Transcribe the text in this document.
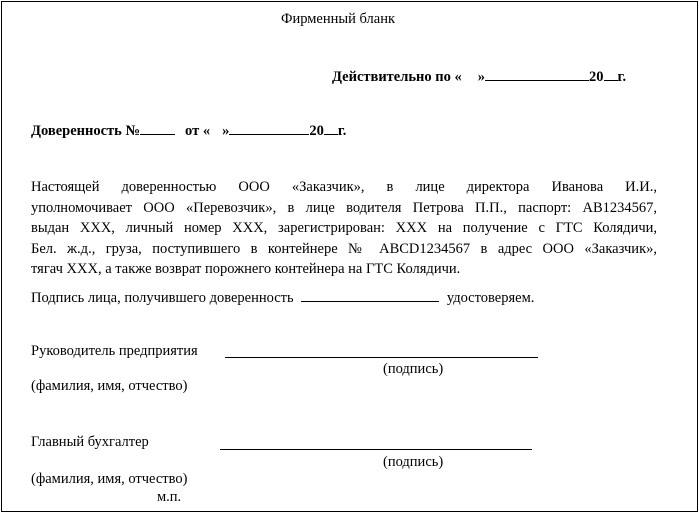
Фирменный бланк
Действительно по « »	20 г.
Доверенность №	от « »	20 г.
Настоящей доверенностью ООО «Заказчик», в лице директора Иванова И.И.,
уполномочивает ООО «Перевозчик», в лице водителя Петрова П.П., паспорт: АВ1234567,
выдан ХХХ, личный номер ХХХ, зарегистрирован: ХХХ на получение с ГТС Колядичи,
Бел. ж.д., груза, поступившего в контейнере № ABCD1234567 в адрес ООО «Заказчик»,
тягач ХХХ, а также возврат порожнего контейнера на ГТС Колядичи.
Подпись лица, получившего доверенность	удостоверяем.
Руководитель предприятия
(подпись)
(фамилия, имя, отчество)
Главный бухгалтер
(подпись)
(фамилия, имя, отчество)
м.п.
